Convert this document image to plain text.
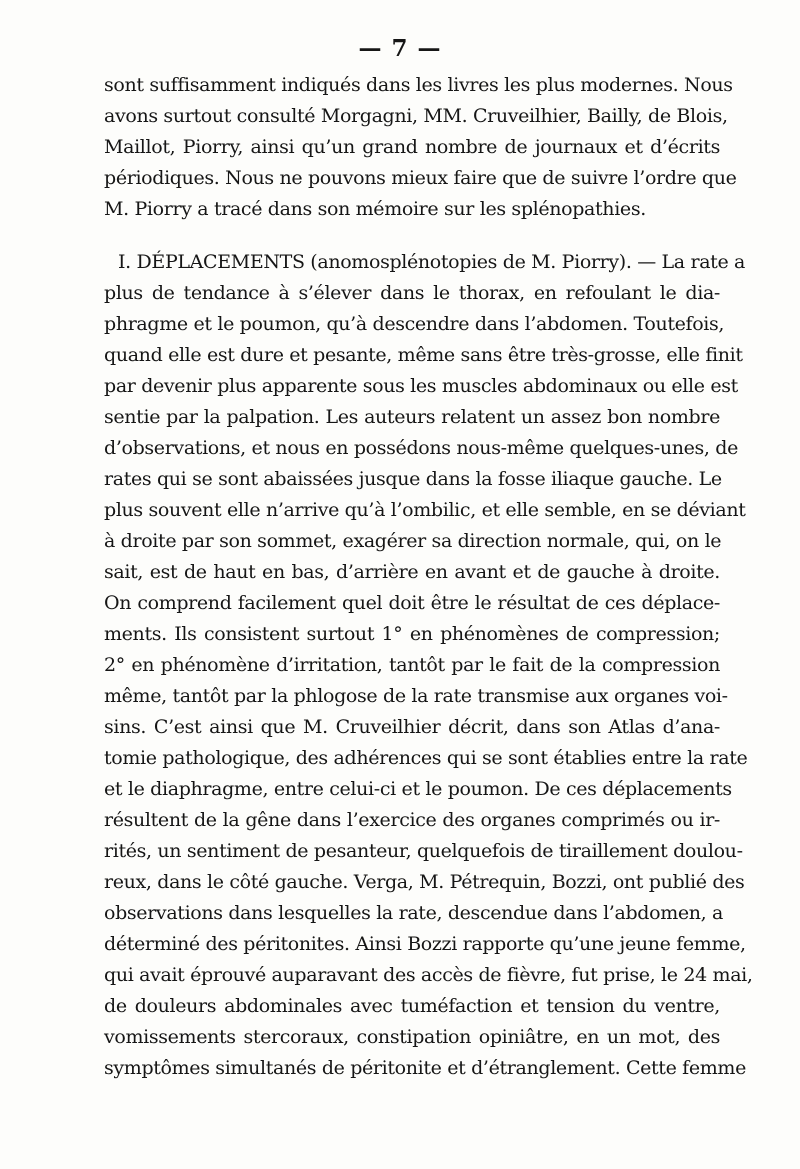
— 7 —
sont suffisamment indiqués dans les livres les plus modernes. Nous
avons surtout consulté Morgagni, MM. Cruveilhier, Bailly, de Blois,
Maillot, Piorry, ainsi qu’un grand nombre de journaux et d’écrits
périodiques. Nous ne pouvons mieux faire que de suivre l’ordre que
M. Piorry a tracé dans son mémoire sur les splénopathies.
I. DÉPLACEMENTS (anomosplénotopies de M. Piorry). — La rate a
plus de tendance à s’élever dans le thorax, en refoulant le dia-
phragme et le poumon, qu’à descendre dans l’abdomen. Toutefois,
quand elle est dure et pesante, même sans être très-grosse, elle finit
par devenir plus apparente sous les muscles abdominaux ou elle est
sentie par la palpation. Les auteurs relatent un assez bon nombre
d’observations, et nous en possédons nous-même quelques-unes, de
rates qui se sont abaissées jusque dans la fosse iliaque gauche. Le
plus souvent elle n’arrive qu’à l’ombilic, et elle semble, en se déviant
à droite par son sommet, exagérer sa direction normale, qui, on le
sait, est de haut en bas, d’arrière en avant et de gauche à droite.
On comprend facilement quel doit être le résultat de ces déplace-
ments. Ils consistent surtout 1° en phénomènes de compression;
2° en phénomène d’irritation, tantôt par le fait de la compression
même, tantôt par la phlogose de la rate transmise aux organes voi-
sins. C’est ainsi que M. Cruveilhier décrit, dans son Atlas d’ana-
tomie pathologique, des adhérences qui se sont établies entre la rate
et le diaphragme, entre celui-ci et le poumon. De ces déplacements
résultent de la gêne dans l’exercice des organes comprimés ou ir-
rités, un sentiment de pesanteur, quelquefois de tiraillement doulou-
reux, dans le côté gauche. Verga, M. Pétrequin, Bozzi, ont publié des
observations dans lesquelles la rate, descendue dans l’abdomen, a
déterminé des péritonites. Ainsi Bozzi rapporte qu’une jeune femme,
qui avait éprouvé auparavant des accès de fièvre, fut prise, le 24 mai,
de douleurs abdominales avec tuméfaction et tension du ventre,
vomissements stercoraux, constipation opiniâtre, en un mot, des
symptômes simultanés de péritonite et d’étranglement. Cette femme
